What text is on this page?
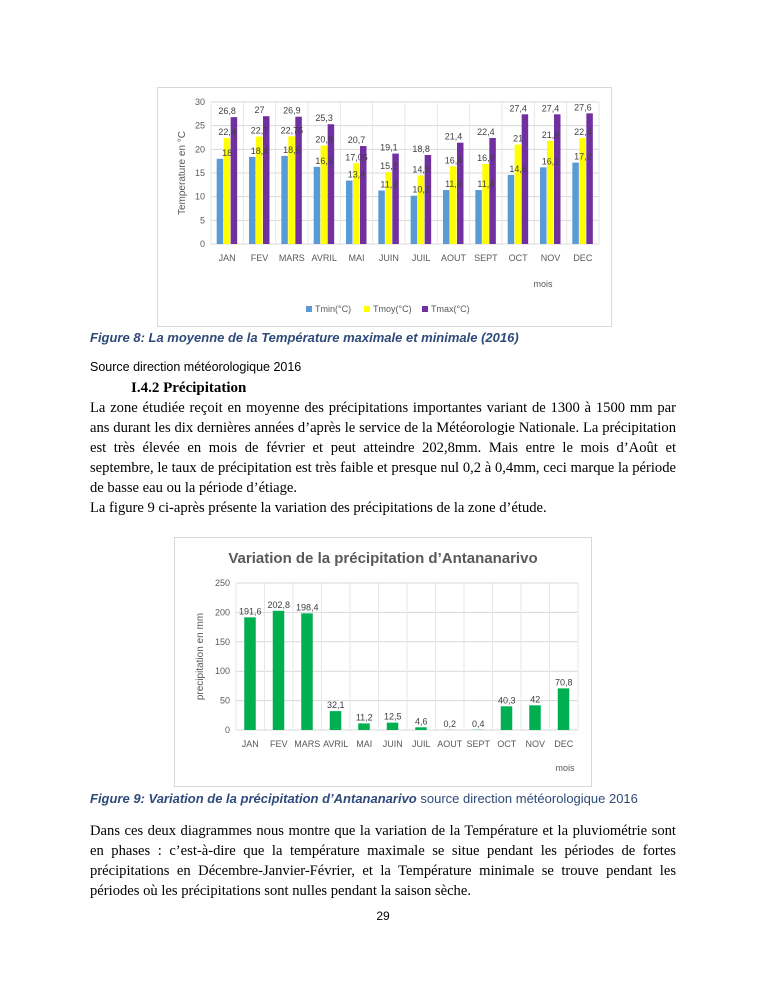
0
5
10
15
20
25
30
JAN FEV MARS AVRIL MAI JUIN JUIL AOUT SEPT OCT NOV DEC
26,8
22,4
18
27
22,7
18,4
26,9
22,75
18,6
25,3
20,8
16,3
20,7
17,05
13,4
19,1
15,2
11,3
18,8
14,5
10,2
21,4
16,4
11,4
22,4
16,9
11,4
27,4
21
14,6
27,4
21,8
16,2
27,6
22,4
17,2
mois
Temperature en °C
Tmin(°C) Tmoy(°C) Tmax(°C)
Figure 8: La moyenne de la Température maximale et minimale (2016)
Source direction météorologique 2016
I.4.2 Précipitation

La zone étudiée reçoit en moyenne des précipitations importantes variant de 1300 à 1500 mm par ans durant les dix dernières années d’après le service de la Météorologie Nationale. La précipitation est très élevée en mois de février et peut atteindre 202,8mm. Mais entre le mois d’Août et septembre, le taux de précipitation est très faible et presque nul 0,2 à 0,4mm, ceci marque la période de basse eau ou la période d’étiage.

La figure 9 ci-après présente la variation des précipitations de la zone d’étude.

Variation de la précipitation d’Antananarivo
0
50
100
150
200
250
JAN FEV MARS AVRIL MAI JUIN JUIL AOUT SEPT OCT NOV DEC
191,6
202,8 198,4
32,1
11,2 12,5 4,6 0,2 0,4
40,3 42
70,8
mois
precipitation en mm
Figure 9: Variation de la précipitation d’Antananarivo source direction météorologique 2016

Dans ces deux diagrammes nous montre que la variation de la Température et la pluviométrie sont en phases : c’est-à-dire que la température maximale se situe pendant les périodes de fortes précipitations en Décembre-Janvier-Février, et la Température minimale se trouve pendant les périodes où les précipitations sont nulles pendant la saison sèche.

29
